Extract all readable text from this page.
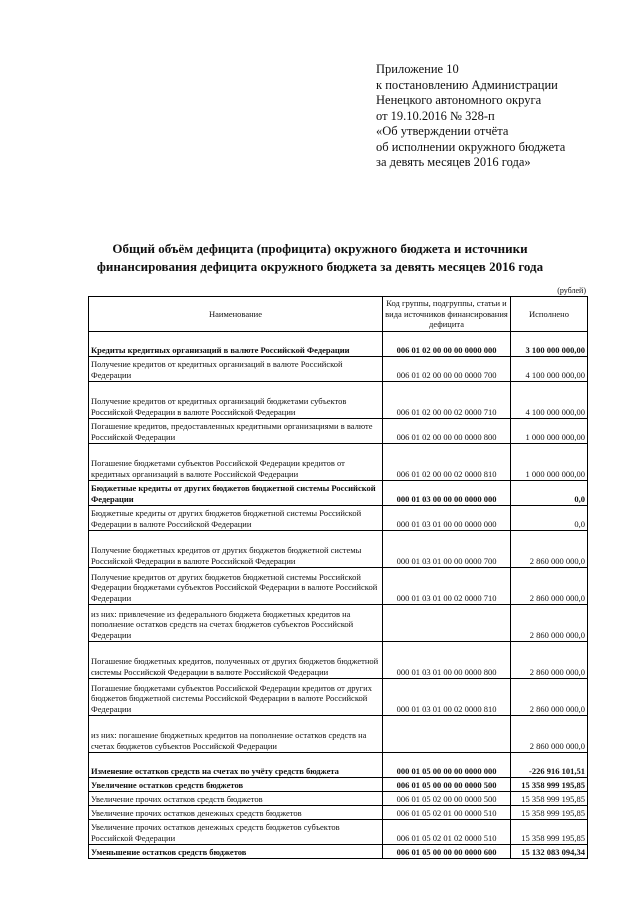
Приложение 10
к постановлению Администрации
Ненецкого автономного округа
от 19.10.2016 № 328-п
«Об утверждении отчёта
об исполнении окружного бюджета
за девять месяцев 2016 года»
Общий объём дефицита (профицита) окружного бюджета и источники
финансирования дефицита окружного бюджета за девять месяцев 2016 года
(рублей)
Наименование	Код группы, подгруппы, статьи и вида источников финансирования дефицита	Исполнено
Кредиты кредитных организаций в валюте Российской Федерации	006 01 02 00 00 00 0000 000	3 100 000 000,00
Получение кредитов от кредитных организаций в валюте Российской Федерации	006 01 02 00 00 00 0000 700	4 100 000 000,00
Получение кредитов от кредитных организаций бюджетами субъектов Российской Федерации в валюте Российской Федерации	006 01 02 00 00 02 0000 710	4 100 000 000,00
Погашение кредитов, предоставленных кредитными организациями в валюте Российской Федерации	006 01 02 00 00 00 0000 800	1 000 000 000,00
Погашение бюджетами субъектов Российской Федерации кредитов от кредитных организаций в валюте Российской Федерации	006 01 02 00 00 02 0000 810	1 000 000 000,00
Бюджетные кредиты от других бюджетов бюджетной системы Российской Федерации	000 01 03 00 00 00 0000 000	0,0
Бюджетные кредиты от других бюджетов бюджетной системы Российской Федерации в валюте Российской Федерации	000 01 03 01 00 00 0000 000	0,0
Получение бюджетных кредитов от других бюджетов бюджетной системы Российской Федерации в валюте Российской Федерации	000 01 03 01 00 00 0000 700	2 860 000 000,0
Получение кредитов от других бюджетов бюджетной системы Российской Федерации бюджетами субъектов Российской Федерации в валюте Российской Федерации	000 01 03 01 00 02 0000 710	2 860 000 000,0
из них: привлечение из федерального бюджета бюджетных кредитов на пополнение остатков средств на счетах бюджетов субъектов Российской Федерации		2 860 000 000,0
Погашение бюджетных кредитов, полученных от других бюджетов бюджетной системы Российской Федерации в валюте Российской Федерации	000 01 03 01 00 00 0000 800	2 860 000 000,0
Погашение бюджетами субъектов Российской Федерации кредитов от других бюджетов бюджетной системы Российской Федерации в валюте Российской Федерации	000 01 03 01 00 02 0000 810	2 860 000 000,0
из них: погашение бюджетных кредитов на пополнение остатков средств на счетах бюджетов субъектов Российской Федерации		2 860 000 000,0
Изменение остатков средств на счетах по учёту средств бюджета	000 01 05 00 00 00 0000 000	-226 916 101,51
Увеличение остатков средств бюджетов	006 01 05 00 00 00 0000 500	15 358 999 195,85
Увеличение прочих остатков средств бюджетов	006 01 05 02 00 00 0000 500	15 358 999 195,85
Увеличение прочих остатков денежных средств бюджетов	006 01 05 02 01 00 0000 510	15 358 999 195,85
Увеличение прочих остатков денежных средств бюджетов субъектов Российской Федерации	006 01 05 02 01 02 0000 510	15 358 999 195,85
Уменьшение остатков средств бюджетов	006 01 05 00 00 00 0000 600	15 132 083 094,34
